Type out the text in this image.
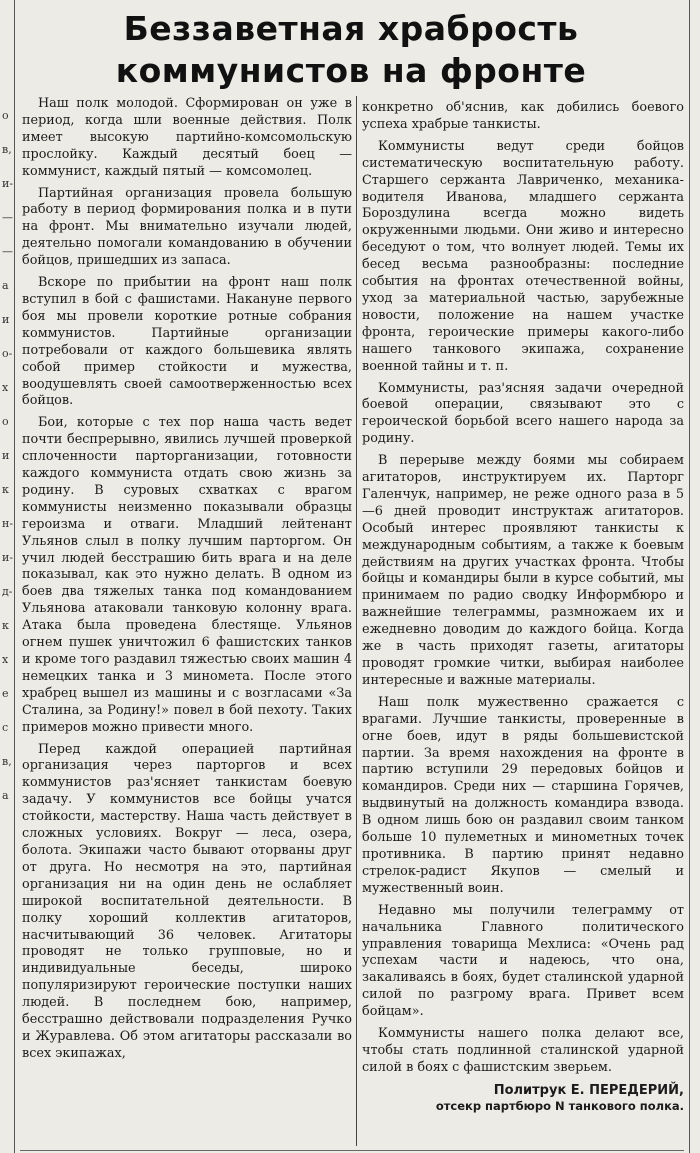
о
в,
и-
—
—
а
и
о-
х
о
и
к
н-
и-
д-
к
х
е
с
в,
а
Беззаветная храбрость
коммунистов на фронте

Наш полк молодой. Сформирован он уже в период, когда шли военные действия. Полк имеет высокую партийно-комсомольскую прослойку. Каждый десятый боец — коммунист, каждый пятый — комсомолец.

Партийная организация провела большую работу в период формирования полка и в пути на фронт. Мы внимательно изучали людей, деятельно помогали командованию в обучении бойцов, пришедших из запаса.

Вскоре по прибытии на фронт наш полк вступил в бой с фашистами. Накануне первого боя мы провели короткие ротные собрания коммунистов. Партийные организации потребовали от каждого большевика являть собой пример стойкости и мужества, воодушевлять своей самоотверженностью всех бойцов.

Бои, которые с тех пор наша часть ведет почти беспрерывно, явились лучшей проверкой сплоченности парторганизации, готовности каждого коммуниста отдать свою жизнь за родину. В суровых схватках с врагом коммунисты неизменно показывали образцы героизма и отваги. Младший лейтенант Ульянов слыл в полку лучшим парторгом. Он учил людей бесстрашию бить врага и на деле показывал, как это нужно делать. В одном из боев два тяжелых танка под командованием Ульянова атаковали танковую колонну врага. Атака была проведена блестяще. Ульянов огнем пушек уничтожил 6 фашистских танков и кроме того раздавил тяжестью своих машин 4 немецких танка и 3 миномета. После этого храбрец вышел из машины и с возгласами «За Сталина, за Родину!» повел в бой пехоту. Таких примеров можно привести много.

Перед каждой операцией партийная организация через парторгов и всех коммунистов раз'ясняет танкистам боевую задачу. У коммунистов все бойцы учатся стойкости, мастерству. Наша часть действует в сложных условиях. Вокруг — леса, озера, болота. Экипажи часто бывают оторваны друг от друга. Но несмотря на это, партийная организация ни на один день не ослабляет широкой воспитательной деятельности. В полку хороший коллектив агитаторов, насчитывающий 36 человек. Агитаторы проводят не только групповые, но и индивидуальные беседы, широко популяризируют героические поступки наших людей. В последнем бою, например, бесстрашно действовали подразделения Ручко и Журавлева. Об этом агитаторы рассказали во всех экипажах,

конкретно об'яснив, как добились боевого успеха храбрые танкисты.

Коммунисты ведут среди бойцов систематическую воспитательную работу. Старшего сержанта Лавриченко, механика-водителя Иванова, младшего сержанта Бороздулина всегда можно видеть окруженными людьми. Они живо и интересно беседуют о том, что волнует людей. Темы их бесед весьма разнообразны: последние события на фронтах отечественной войны, уход за материальной частью, зарубежные новости, положение на нашем участке фронта, героические примеры какого-либо нашего танкового экипажа, сохранение военной тайны и т. п.

Коммунисты, раз'ясняя задачи очередной боевой операции, связывают это с героической борьбой всего нашего народа за родину.

В перерыве между боями мы собираем агитаторов, инструктируем их. Парторг Галенчук, например, не реже одного раза в 5—6 дней проводит инструктаж агитаторов. Особый интерес проявляют танкисты к международным событиям, а также к боевым действиям на других участках фронта. Чтобы бойцы и командиры были в курсе событий, мы принимаем по радио сводку Информбюро и важнейшие телеграммы, размножаем их и ежедневно доводим до каждого бойца. Когда же в часть приходят газеты, агитаторы проводят громкие читки, выбирая наиболее интересные и важные материалы.

Наш полк мужественно сражается с врагами. Лучшие танкисты, проверенные в огне боев, идут в ряды большевистской партии. За время нахождения на фронте в партию вступили 29 передовых бойцов и командиров. Среди них — старшина Горячев, выдвинутый на должность командира взвода. В одном лишь бою он раздавил своим танком больше 10 пулеметных и минометных точек противника. В партию принят недавно стрелок-радист Якупов — смелый и мужественный воин.

Недавно мы получили телеграмму от начальника Главного политического управления товарища Мехлиса: «Очень рад успехам части и надеюсь, что она, закаливаясь в боях, будет сталинской ударной силой по разгрому врага. Привет всем бойцам».

Коммунисты нашего полка делают все, чтобы стать подлинной сталинской ударной силой в боях с фашистским зверьем.

Политрук Е. ПЕРЕДЕРИЙ,
отсекр партбюро N танкового полка.
